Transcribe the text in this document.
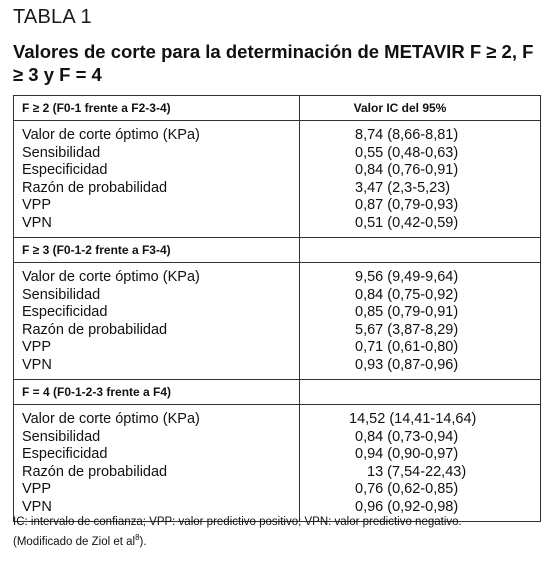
TABLA 1
Valores de corte para la determinación de METAVIR F ≥ 2, F ≥ 3 y F = 4
F ≥ 2 (F0-1 frente a F2-3-4)	Valor IC del 95%
Valor de corte óptimo (KPa)
Sensibilidad
Especificidad
Razón de probabilidad
VPP
VPN
8,74 (8,66-8,81)
0,55 (0,48-0,63)
0,84 (0,76-0,91)
3,47 (2,3-5,23)
0,87 (0,79-0,93)
0,51 (0,42-0,59)
F ≥ 3 (F0-1-2 frente a F3-4)
Valor de corte óptimo (KPa)
Sensibilidad
Especificidad
Razón de probabilidad
VPP
VPN
9,56 (9,49-9,64)
0,84 (0,75-0,92)
0,85 (0,79-0,91)
5,67 (3,87-8,29)
0,71 (0,61-0,80)
0,93 (0,87-0,96)
F = 4 (F0-1-2-3 frente a F4)
Valor de corte óptimo (KPa)
Sensibilidad
Especificidad
Razón de probabilidad
VPP
VPN
14,52 (14,41-14,64)
0,84 (0,73-0,94)
0,94 (0,90-0,97)
13 (7,54-22,43)
0,76 (0,62-0,85)
0,96 (0,92-0,98)
IC: intervalo de confianza; VPP: valor predictivo positivo; VPN: valor predictivo negativo.
(Modificado de Ziol et $al^8$).
